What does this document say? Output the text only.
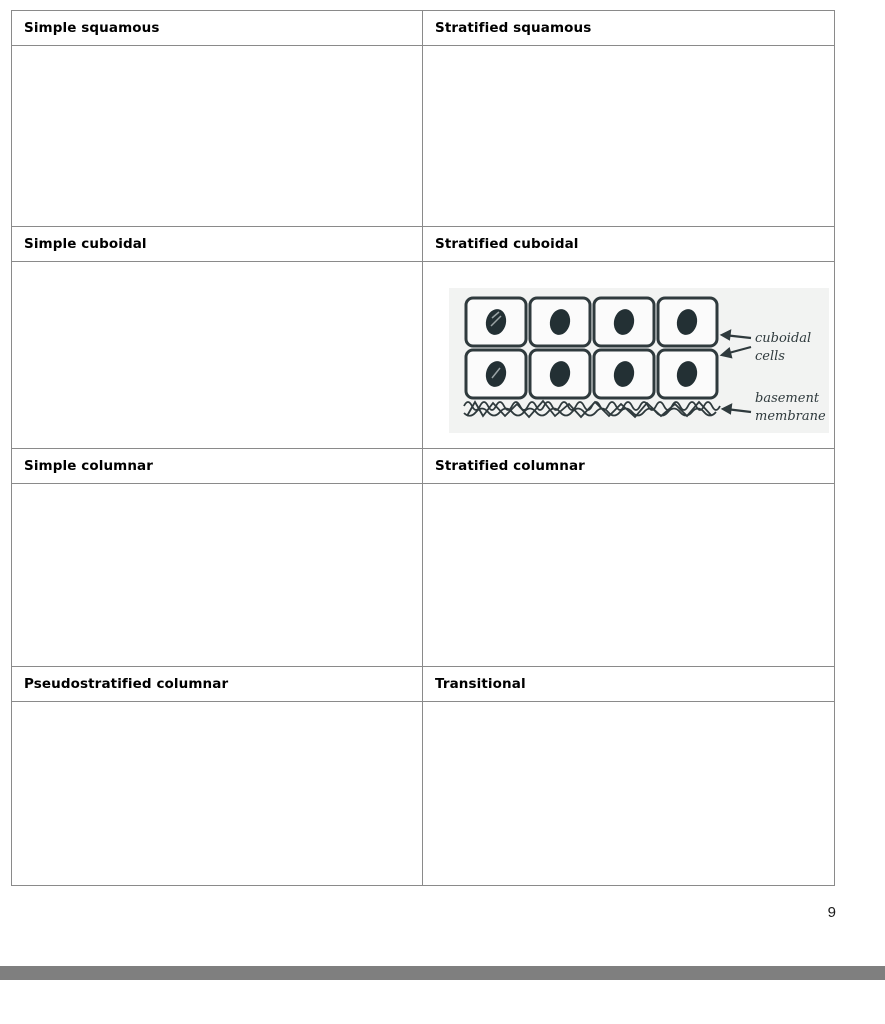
Simple squamous	Stratified squamous

Simple cuboidal	Stratified cuboidal

cuboidal
cells
basement
membrane

Simple columnar	Stratified columnar

Pseudostratified columnar	Transitional

9
